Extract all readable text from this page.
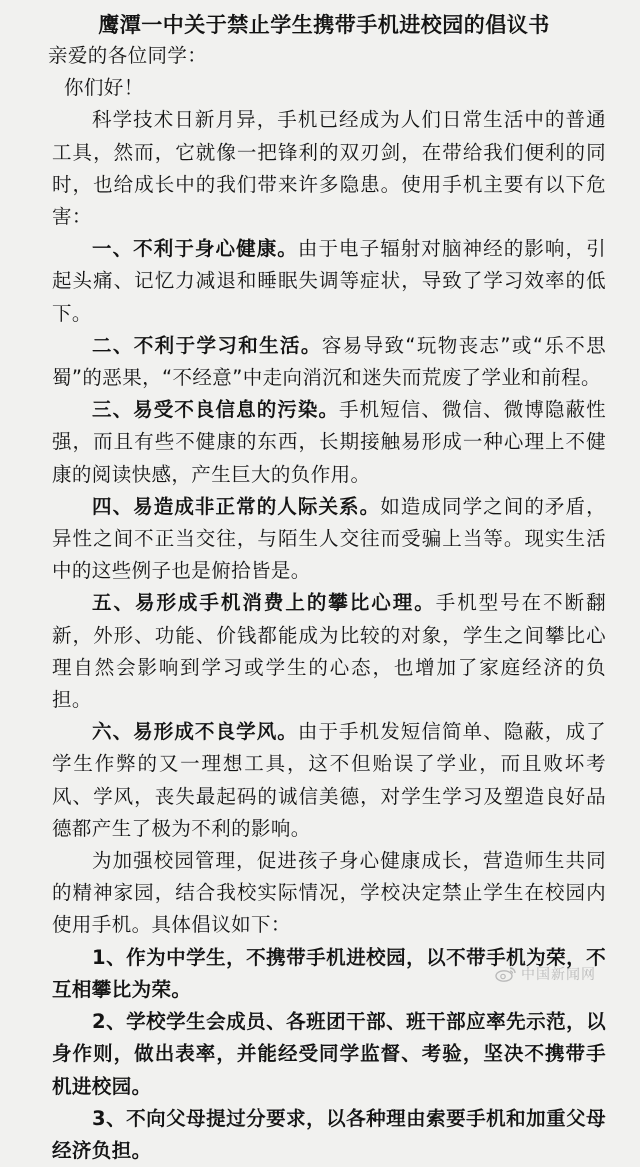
鹰潭一中关于禁止学生携带手机进校园的倡议书

亲爱的各位同学：

你们好！

科学技术日新月异，手机已经成为人们日常生活中的普通工具，然而，它就像一把锋利的双刃剑，在带给我们便利的同时，也给成长中的我们带来许多隐患。使用手机主要有以下危害：

一、不利于身心健康。由于电子辐射对脑神经的影响，引起头痛、记忆力减退和睡眠失调等症状，导致了学习效率的低下。

二、不利于学习和生活。容易导致“玩物丧志”或“乐不思蜀”的恶果，“不经意”中走向消沉和迷失而荒废了学业和前程。

三、易受不良信息的污染。手机短信、微信、微博隐蔽性强，而且有些不健康的东西，长期接触易形成一种心理上不健康的阅读快感，产生巨大的负作用。

四、易造成非正常的人际关系。如造成同学之间的矛盾，异性之间不正当交往，与陌生人交往而受骗上当等。现实生活中的这些例子也是俯拾皆是。

五、易形成手机消费上的攀比心理。手机型号在不断翻新，外形、功能、价钱都能成为比较的对象，学生之间攀比心理自然会影响到学习或学生的心态，也增加了家庭经济的负担。

六、易形成不良学风。由于手机发短信简单、隐蔽，成了学生作弊的又一理想工具，这不但贻误了学业，而且败坏考风、学风，丧失最起码的诚信美德，对学生学习及塑造良好品德都产生了极为不利的影响。

为加强校园管理，促进孩子身心健康成长，营造师生共同的精神家园，结合我校实际情况，学校决定禁止学生在校园内使用手机。具体倡议如下：

1、作为中学生，不携带手机进校园，以不带手机为荣，不互相攀比为荣。

2、学校学生会成员、各班团干部、班干部应率先示范，以身作则，做出表率，并能经受同学监督、考验，坚决不携带手机进校园。

3、不向父母提过分要求，以各种理由索要手机和加重父母经济负担。

中国新闻网
